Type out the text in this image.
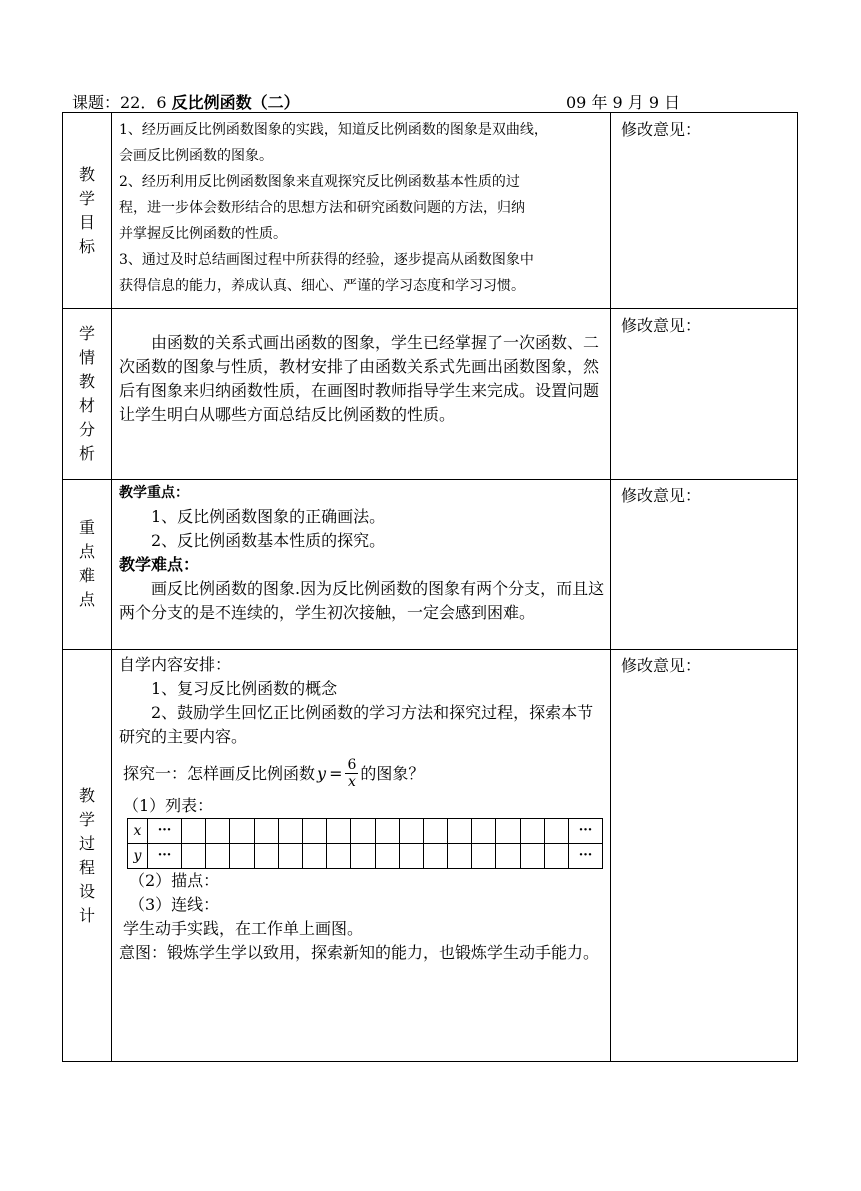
课题：22．6 反比例函数（二）	09 年 9 月 9 日
教
学
目
标
1、经历画反比例函数图象的实践，知道反比例函数的图象是双曲线，
会画反比例函数的图象。
2、经历利用反比例函数图象来直观探究反比例函数基本性质的过
程，进一步体会数形结合的思想方法和研究函数问题的方法，归纳
并掌握反比例函数的性质。
3、通过及时总结画图过程中所获得的经验，逐步提高从函数图象中
获得信息的能力，养成认真、细心、严谨的学习态度和学习习惯。
修改意见：
学
情
教
材
分
析
由函数的关系式画出函数的图象，学生已经掌握了一次函数、二次函数的图象与性质，教材安排了由函数关系式先画出函数图象，然后有图象来归纳函数性质，在画图时教师指导学生来完成。设置问题让学生明白从哪些方面总结反比例函数的性质。
修改意见：
重
点
难
点
教学重点：
1、反比例函数图象的正确画法。
2、反比例函数基本性质的探究。
教学难点：
画反比例函数的图象.因为反比例函数的图象有两个分支，而且这两个分支的是不连续的，学生初次接触，一定会感到困难。
修改意见：
教
学
过
程
设
计
自学内容安排：
1、复习反比例函数的概念
2、鼓励学生回忆正比例函数的学习方法和探究过程，探索本节研究的主要内容。
探究一：怎样画反比例函数 $y = \frac{6}{x}$ 的图象？
（1）列表：
x	···																	···
y	···																	···
（2）描点：
（3）连线：
学生动手实践，在工作单上画图。
意图：锻炼学生学以致用，探索新知的能力，也锻炼学生动手能力。
修改意见：
